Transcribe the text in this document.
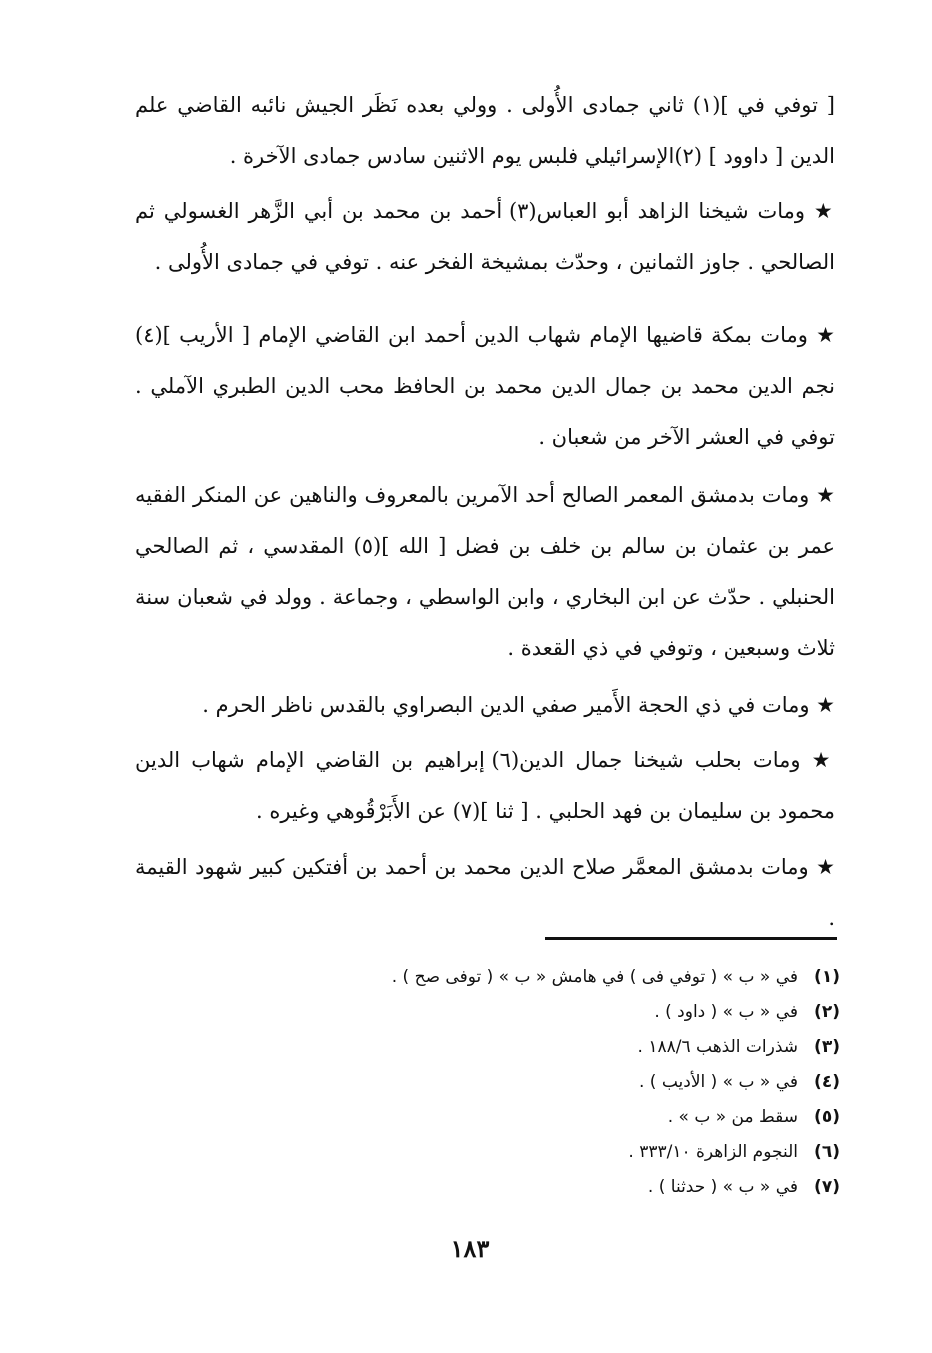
[ توفي في ](١) ثاني جمادى الأُولى . وولي بعده نَظَر الجيش نائبه القاضي علم الدين [ داوود ] (٢)الإسرائيلي فلبس يوم الاثنين سادس جمادى الآخرة .
★ ومات شيخنا الزاهد أبو العباس(٣) أحمد بن محمد بن أبي الزَّهر الغسولي ثم الصالحي . جاوز الثمانين ، وحدّث بمشيخة الفخر عنه . توفي في جمادى الأُولى .
★ ومات بمكة قاضيها الإمام شهاب الدين أحمد ابن القاضي الإمام [ الأريب ](٤) نجم الدين محمد بن جمال الدين محمد بن الحافظ محب الدين الطبري الآملي . توفي في العشر الآخر من شعبان .
★ ومات بدمشق المعمر الصالح أحد الآمرين بالمعروف والناهين عن المنكر الفقيه عمر بن عثمان بن سالم بن خلف بن فضل [ الله ](٥) المقدسي ، ثم الصالحي الحنبلي . حدّث عن ابن البخاري ، وابن الواسطي ، وجماعة . وولد في شعبان سنة ثلاث وسبعين ، وتوفي في ذي القعدة .
★ ومات في ذي الحجة الأَمير صفي الدين البصراوي بالقدس ناظر الحرم .
★ ومات بحلب شيخنا جمال الدين(٦) إبراهيم بن القاضي الإمام شهاب الدين محمود بن سليمان بن فهد الحلبي . [ ثنا ](٧) عن الأَبَرْقُوهي وغيره .
★ ومات بدمشق المعمَّر صلاح الدين محمد بن أحمد بن أفتكين كبير شهود القيمة .
(١)في « ب » ( توفي فى ) في هامش « ب » ( توفى صح ) .
(٢)في « ب » ( داود ) .
(٣)شذرات الذهب ١٨٨/٦ .
(٤)في « ب » ( الأديب ) .
(٥)سقط من « ب » .
(٦)النجوم الزاهرة ٣٣٣/١٠ .
(٧)في « ب » ( حدثنا ) .
١٨٣
